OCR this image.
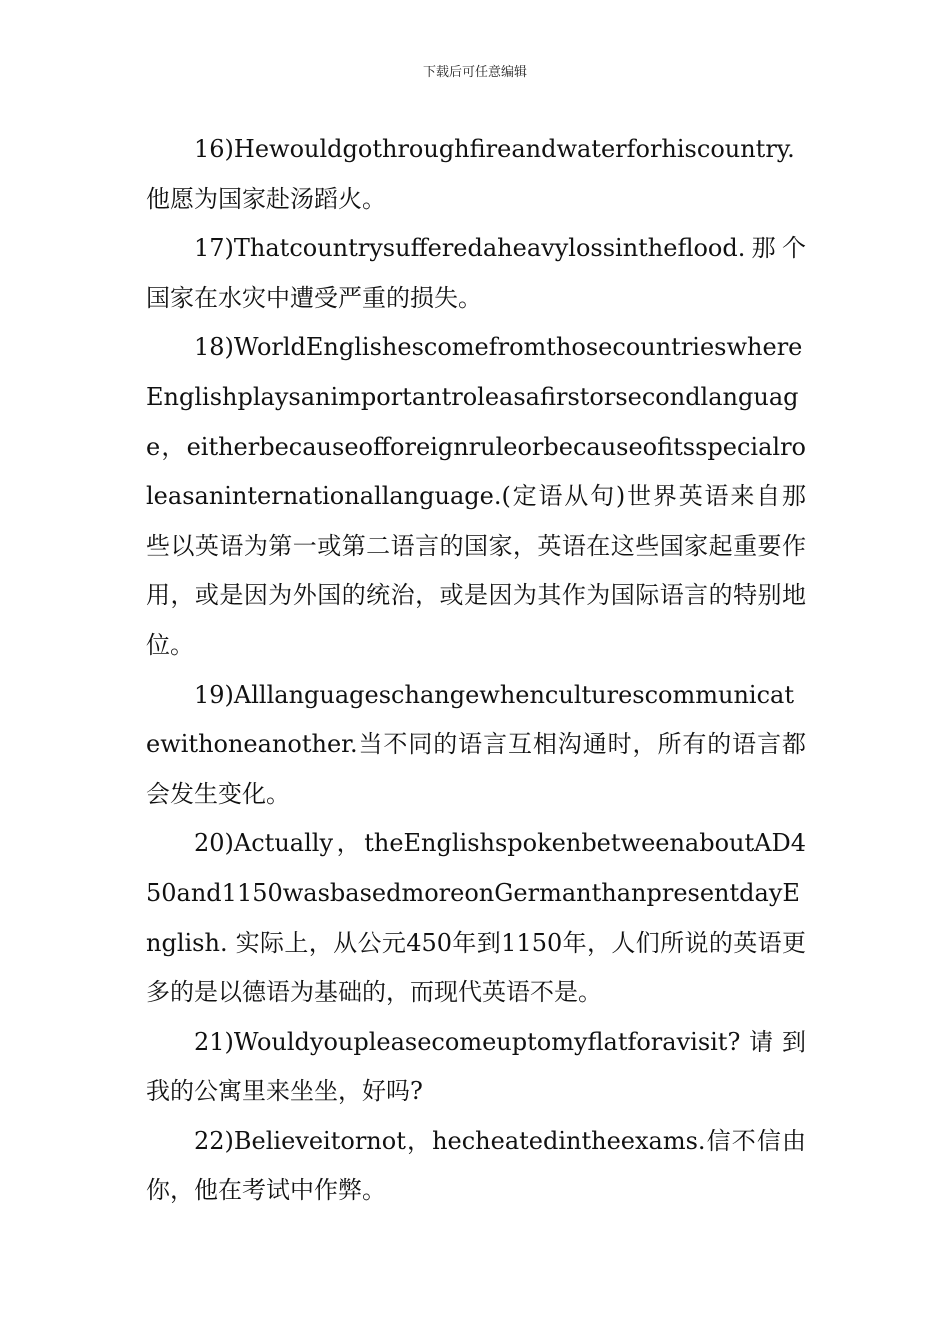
下载后可任意编辑

16)Hewouldgothroughfireandwaterforhiscountry.他愿为国家赴汤蹈火。

17)Thatcountrysufferedaheavylossintheflood.那个国家在水灾中遭受严重的损失。

18)WorldEnglishescomefromthosecountrieswhereEnglishplaysanimportantroleasafirstorsecondlanguage，eitherbecauseofforeignruleorbecauseofitsspecialroleasaninternationallanguage.(定语从句)世界英语来自那些以英语为第一或第二语言的国家，英语在这些国家起重要作用，或是因为外国的统治，或是因为其作为国际语言的特别地位。

19)Alllanguageschangewhenculturescommunicatewithoneanother.当不同的语言互相沟通时，所有的语言都会发生变化。

20)Actually，theEnglishspokenbetweenaboutAD450and1150wasbasedmoreonGermanthanpresentdayEnglish. 实际上，从公元450年到1150年，人们所说的英语更多的是以德语为基础的，而现代英语不是。

21)Wouldyoupleasecomeuptomyflatforavisit?请到我的公寓里来坐坐，好吗?

22)Believeitornot，hecheatedintheexams.信不信由你，他在考试中作弊。
